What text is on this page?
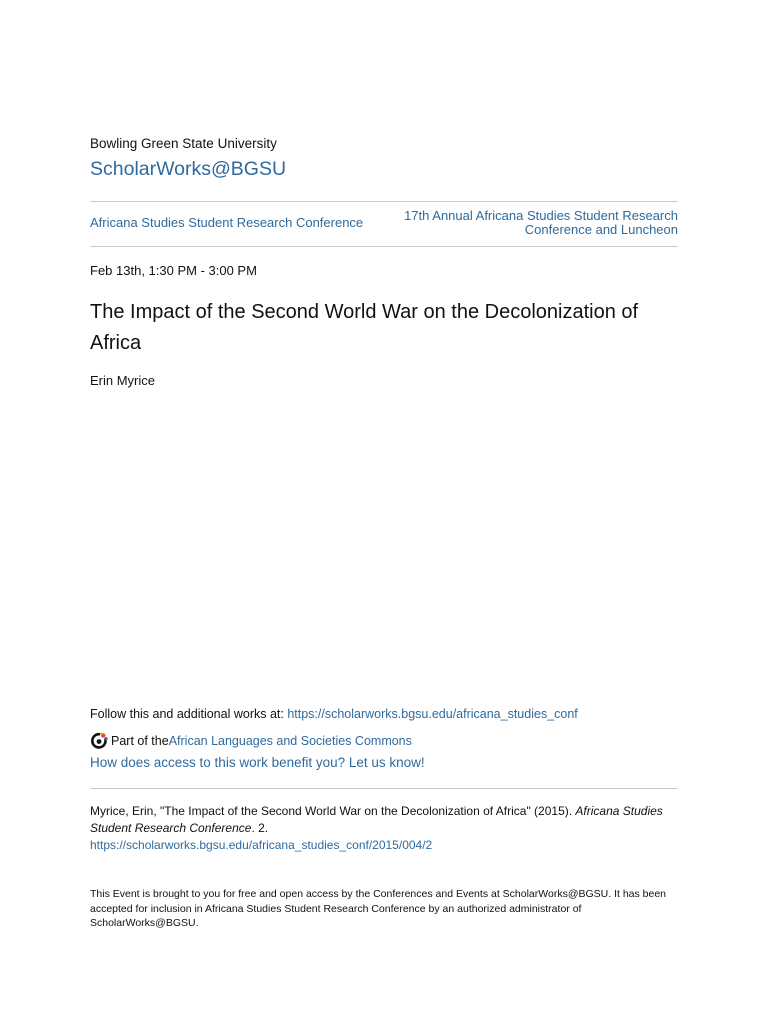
Bowling Green State University
ScholarWorks@BGSU
Africana Studies Student Research Conference	17th Annual Africana Studies Student Research Conference and Luncheon
Feb 13th, 1:30 PM - 3:00 PM
The Impact of the Second World War on the Decolonization of Africa
Erin Myrice
Follow this and additional works at: https://scholarworks.bgsu.edu/africana_studies_conf
Part of the African Languages and Societies Commons
How does access to this work benefit you? Let us know!
Myrice, Erin, "The Impact of the Second World War on the Decolonization of Africa" (2015). Africana Studies Student Research Conference. 2.
https://scholarworks.bgsu.edu/africana_studies_conf/2015/004/2
This Event is brought to you for free and open access by the Conferences and Events at ScholarWorks@BGSU. It has been accepted for inclusion in Africana Studies Student Research Conference by an authorized administrator of ScholarWorks@BGSU.
